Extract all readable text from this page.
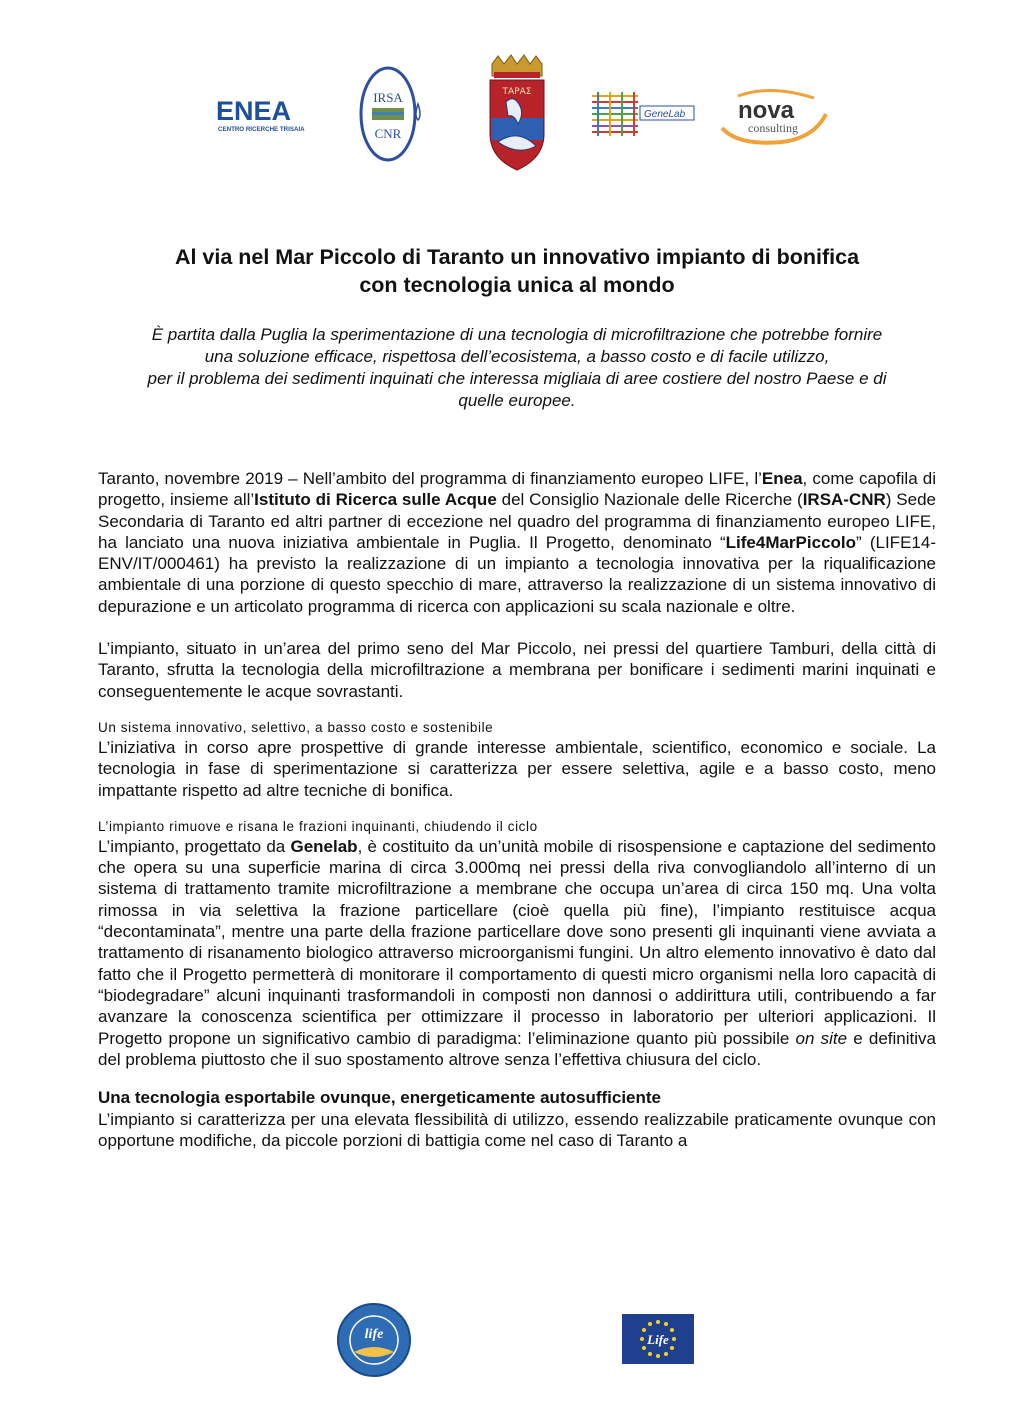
ENEA
CENTRO RICERCHE TRISAIA
IRSA
CNR
ΤΑΡΑΣ
GeneLab nova
consulting
Al via nel Mar Piccolo di Taranto un innovativo impianto di bonifica
con tecnologia unica al mondo

È partita dalla Puglia la sperimentazione di una tecnologia di microfiltrazione che potrebbe fornire
una soluzione efficace, rispettosa dell’ecosistema, a basso costo e di facile utilizzo,
per il problema dei sedimenti inquinati che interessa migliaia di aree costiere del nostro Paese e di
quelle europee.

Taranto, novembre 2019 – Nell’ambito del programma di finanziamento europeo LIFE, l’Enea, come capofila di progetto, insieme all’Istituto di Ricerca sulle Acque del Consiglio Nazionale delle Ricerche (IRSA-CNR) Sede Secondaria di Taranto ed altri partner di eccezione nel quadro del programma di finanziamento europeo LIFE, ha lanciato una nuova iniziativa ambientale in Puglia. Il Progetto, denominato “Life4MarPiccolo” (LIFE14-ENV/IT/000461) ha previsto la realizzazione di un impianto a tecnologia innovativa per la riqualificazione ambientale di una porzione di questo specchio di mare, attraverso la realizzazione di un sistema innovativo di depurazione e un articolato programma di ricerca con applicazioni su scala nazionale e oltre.

L’impianto, situato in un’area del primo seno del Mar Piccolo, nei pressi del quartiere Tamburi, della città di Taranto, sfrutta la tecnologia della microfiltrazione a membrana per bonificare i sedimenti marini inquinati e conseguentemente le acque sovrastanti.

Un sistema innovativo, selettivo, a basso costo e sostenibile

L’iniziativa in corso apre prospettive di grande interesse ambientale, scientifico, economico e sociale. La tecnologia in fase di sperimentazione si caratterizza per essere selettiva, agile e a basso costo, meno impattante rispetto ad altre tecniche di bonifica.

L’impianto rimuove e risana le frazioni inquinanti, chiudendo il ciclo

L’impianto, progettato da Genelab, è costituito da un’unità mobile di risospensione e captazione del sedimento che opera su una superficie marina di circa 3.000mq nei pressi della riva convogliandolo all’interno di un sistema di trattamento tramite microfiltrazione a membrane che occupa un’area di circa 150 mq. Una volta rimossa in via selettiva la frazione particellare (cioè quella più fine), l’impianto restituisce acqua “decontaminata”, mentre una parte della frazione particellare dove sono presenti gli inquinanti viene avviata a trattamento di risanamento biologico attraverso microorganismi fungini. Un altro elemento innovativo è dato dal fatto che il Progetto permetterà di monitorare il comportamento di questi micro organismi nella loro capacità di “biodegradare” alcuni inquinanti trasformandoli in composti non dannosi o addirittura utili, contribuendo a far avanzare la conoscenza scientifica per ottimizzare il processo in laboratorio per ulteriori applicazioni. Il Progetto propone un significativo cambio di paradigma: l’eliminazione quanto più possibile on site e definitiva del problema piuttosto che il suo spostamento altrove senza l’effettiva chiusura del ciclo.

Una tecnologia esportabile ovunque, energeticamente autosufficiente

L’impianto si caratterizza per una elevata flessibilità di utilizzo, essendo realizzabile praticamente ovunque con opportune modifiche, da piccole porzioni di battigia come nel caso di Taranto a

life	Life
